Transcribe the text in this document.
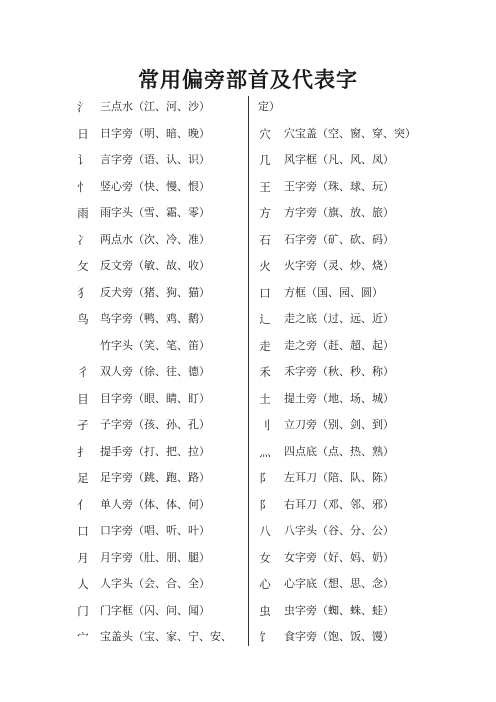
常用偏旁部首及代表字
氵 三点水（江、河、沙）
日 日字旁（明、暗、晚）
讠 言字旁（语、认、识）
忄 竖心旁（快、慢、恨）
雨 雨字头（雪、霜、零）
冫 两点水（次、冷、准）
攵 反文旁（敏、故、收）
犭 反犬旁（猪、狗、猫）
鸟 鸟字旁（鸭、鸡、鹅）
竹字头（笑、笔、笛）
彳 双人旁（徐、往、德）
目 目字旁（眼、睛、盯）
孑 子字旁（孩、孙、孔）
扌 提手旁（打、把、拉）
足 足字旁（跳、跑、路）
亻 单人旁（体、体、何）
口 口字旁（唱、听、叶）
月 月字旁（肚、朋、腿）
人 人字头（会、合、全）
门 门字框（闪、问、闻）
宀 宝盖头（宝、家、宁、安、
定）
穴 穴宝盖（空、窗、穿、突）
几 风字框（凡、风、凤）
王 王字旁（珠、球、玩）
方 方字旁（旗、放、旅）
石 石字旁（矿、砍、码）
火 火字旁（灵、炒、烧）
口 方框（国、园、圆）
辶 走之底（过、远、近）
走 走之旁（赶、超、起）
禾 禾字旁（秋、秒、称）
土 提土旁（地、场、城）
刂 立刀旁（别、剑、到）
灬 四点底（点、热、熟）
阝 左耳刀（陪、队、陈）
阝 右耳刀（邓、邻、邪）
八 八字头（谷、分、公）
女 女字旁（好、妈、奶）
心 心字底（想、思、念）
虫 虫字旁（蜘、蛛、蛙）
饣 食字旁（饱、饭、馒）
